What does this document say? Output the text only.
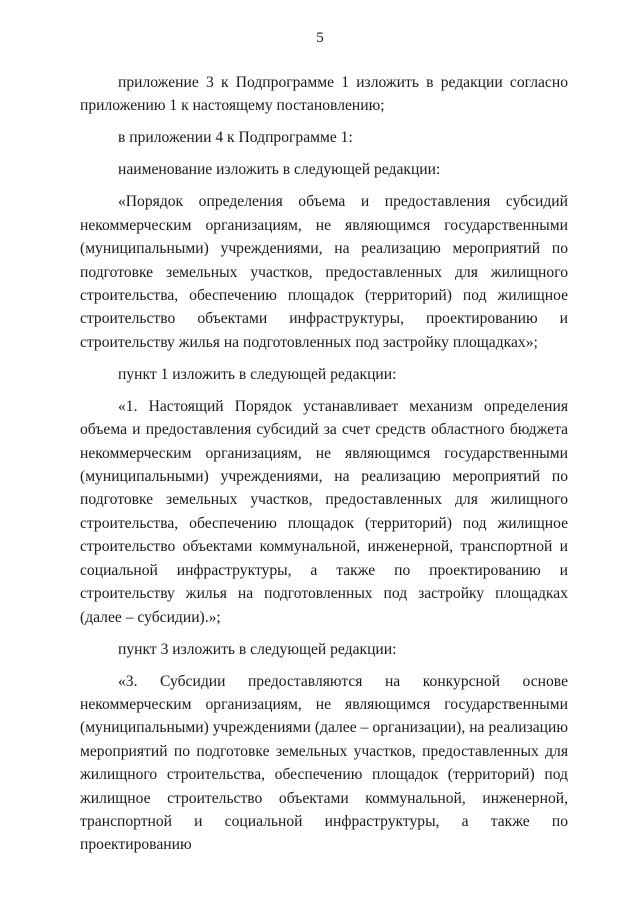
5

приложение 3 к Подпрограмме 1 изложить в редакции согласно приложению 1 к настоящему постановлению;

в приложении 4 к Подпрограмме 1:

наименование изложить в следующей редакции:

«Порядок определения объема и предоставления субсидий некоммерческим организациям, не являющимся государственными (муниципальными) учреждениями, на реализацию мероприятий по подготовке земельных участков, предоставленных для жилищного строительства, обеспечению площадок (территорий) под жилищное строительство объектами инфраструктуры, проектированию и строительству жилья на подготовленных под застройку площадках»;

пункт 1 изложить в следующей редакции:

«1. Настоящий Порядок устанавливает механизм определения объема и предоставления субсидий за счет средств областного бюджета некоммерческим организациям, не являющимся государственными (муниципальными) учреждениями, на реализацию мероприятий по подготовке земельных участков, предоставленных для жилищного строительства, обеспечению площадок (территорий) под жилищное строительство объектами коммунальной, инженерной, транспортной и социальной инфраструктуры, а также по проектированию и строительству жилья на подготовленных под застройку площадках (далее – субсидии).»;

пункт 3 изложить в следующей редакции:

«3. Субсидии предоставляются на конкурсной основе некоммерческим организациям, не являющимся государственными (муниципальными) учреждениями (далее – организации), на реализацию мероприятий по подготовке земельных участков, предоставленных для жилищного строительства, обеспечению площадок (территорий) под жилищное строительство объектами коммунальной, инженерной, транспортной и социальной инфраструктуры, а также по проектированию
